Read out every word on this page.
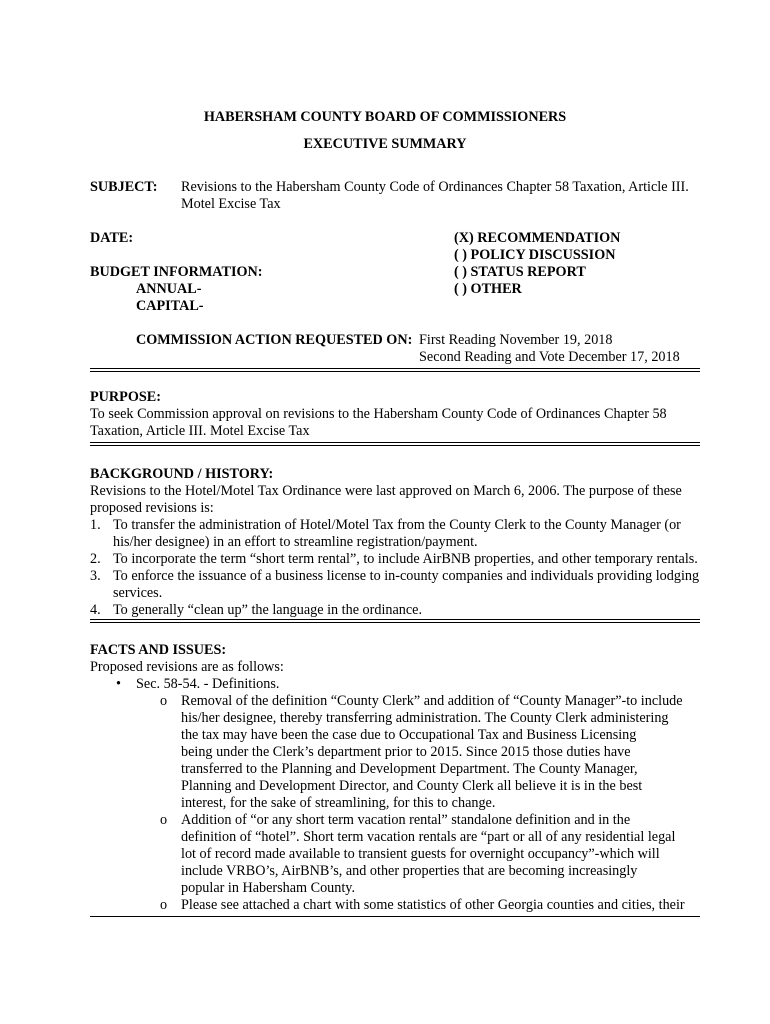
HABERSHAM COUNTY BOARD OF COMMISSIONERS
EXECUTIVE SUMMARY
SUBJECT: Revisions to the Habersham County Code of Ordinances Chapter 58 Taxation, Article III.
Motel Excise Tax
DATE:	(X) RECOMMENDATION
( ) POLICY DISCUSSION
( ) STATUS REPORT
( ) OTHER
BUDGET INFORMATION:
ANNUAL-
CAPITAL-
COMMISSION ACTION REQUESTED ON: First Reading November 19, 2018
Second Reading and Vote December 17, 2018
PURPOSE:
To seek Commission approval on revisions to the Habersham County Code of Ordinances Chapter 58
Taxation, Article III. Motel Excise Tax
BACKGROUND / HISTORY:
Revisions to the Hotel/Motel Tax Ordinance were last approved on March 6, 2006. The purpose of these
proposed revisions is:
1. To transfer the administration of Hotel/Motel Tax from the County Clerk to the County Manager (or
his/her designee) in an effort to streamline registration/payment.
2. To incorporate the term “short term rental”, to include AirBNB properties, and other temporary rentals.
3. To enforce the issuance of a business license to in-county companies and individuals providing lodging
services.
4. To generally “clean up” the language in the ordinance.
FACTS AND ISSUES:
Proposed revisions are as follows:
• Sec. 58-54. - Definitions.
o Removal of the definition “County Clerk” and addition of “County Manager”-to include
his/her designee, thereby transferring administration. The County Clerk administering
the tax may have been the case due to Occupational Tax and Business Licensing
being under the Clerk’s department prior to 2015. Since 2015 those duties have
transferred to the Planning and Development Department. The County Manager,
Planning and Development Director, and County Clerk all believe it is in the best
interest, for the sake of streamlining, for this to change.
o Addition of “or any short term vacation rental” standalone definition and in the
definition of “hotel”. Short term vacation rentals are “part or all of any residential legal
lot of record made available to transient guests for overnight occupancy”-which will
include VRBO’s, AirBNB’s, and other properties that are becoming increasingly
popular in Habersham County.
o Please see attached a chart with some statistics of other Georgia counties and cities, their
